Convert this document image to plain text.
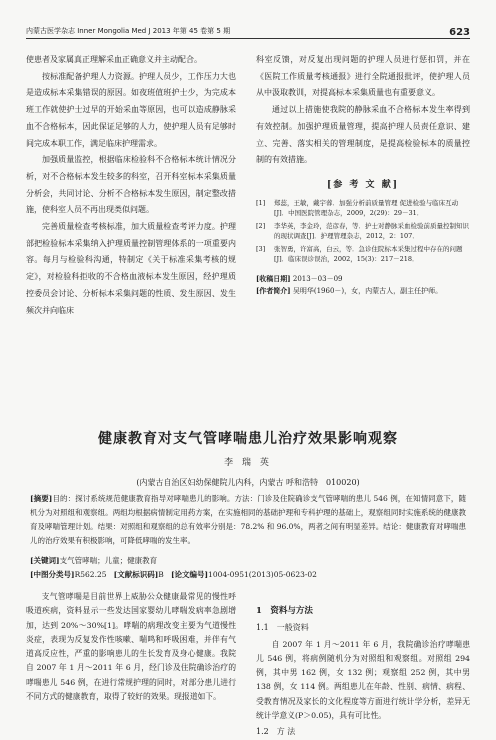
内蒙古医学杂志 Inner Mongolia Med J 2013 年第 45 卷第 5 期	623

使患者及家属真正理解采血正确意义并主动配合。

按标准配备护理人力资源。护理人员少，工作压力大也是造成标本采集错误的原因。如夜班值班护士少，为完成本班工作就使护士过早的开始采血等原因，也可以造成静脉采血不合格标本，因此保证足够的人力，使护理人员有足够时间完成本职工作，满足临床护理需求。

加强质量监控，根据临床检验科不合格标本统计情况分析，对不合格标本发生较多的科室，召开科室标本采集质量分析会，共同讨论、分析不合格标本发生原因，制定整改措施，使科室人员不再出现类似问题。

完善质量检查考核标准，加大质量检查考评力度。护理部把检验标本采集纳入护理质量控制管理体系的一项重要内容。每月与检验科沟通，特制定《关于标准采集考核的规定》，对检验科拒收的不合格血液标本发生原因，经护理质控委员会讨论、分析标本采集问题的性质、发生原因、发生频次并向临床

科室反馈，对反复出现问题的护理人员进行惩扣罚，并在《医院工作质量考核通报》进行全院通报批评，使护理人员从中汲取教训，对提高标本采集质量也有重要意义。

通过以上措施使我院的静脉采血不合格标本发生率得到有效控制。加强护理质量管理，提高护理人员责任意识、建立、完善、落实相关的管理制度，是提高检验标本的质量控制的有效措施。

[参 考 文 献]
[1]	郑蕊，王敏，戴宇蓉．加强分析前质量管理 促进检验与临床互动[J]．中国医院管理杂志，2009，2(29)：29－31．
[2]	李华英，李金玲，范彦春，等．护士对静脉采血检验前质量控制知识的现状调查[J]．护理管理杂志，2012，2：107．
[3]	张智勇，许富高，白云，等．急诊住院标本采集过程中存在的问题[J]．临床误诊误治，2002，15(3)：217－218．
[收稿日期] 2013－03－09
[作者简介] 吴明华(1960－)，女，内蒙古人，副主任护师。
健康教育对支气管哮喘患儿治疗效果影响观察
李 瑞 英
(内蒙古自治区妇幼保健院儿内科，内蒙古 呼和浩特　010020)
[摘要]目的：探讨系统规范健康教育指导对哮喘患儿的影响。方法：门诊及住院确诊支气管哮喘的患儿 546 例，在知情同意下，随机分为对照组和观察组。两组均根据病情制定用药方案，在实施相同的基础护理和专科护理的基础上，观察组同时实施系统的健康教育及哮喘管理计划。结果：对照组和观察组的总有效率分别是：78.2% 和 96.0%，两者之间有明显差异。结论：健康教育对哮喘患儿的治疗效果有积极影响，可降低哮喘的发生率。
[关键词]支气管哮喘；儿童；健康教育
[中图分类号]R562.25 [文献标识码]B [论文编号]1004-0951(2013)05-0623-02

支气管哮喘是目前世界上威胁公众健康最常见的慢性呼吸道疾病，资料显示一些发达国家婴幼儿哮喘发病率急剧增加，达到 20%～30%[1]。哮喘的病理改变主要为气道慢性炎症，表现为反复发作性咳嗽、喘鸣和呼吸困难，并伴有气道高反应性，严重的影响患儿的生长发育及身心健康。我院自 2007 年 1 月～2011 年 6 月，经门诊及住院确诊治疗的哮喘患儿 546 例，在进行常规护理的同时，对部分患儿进行不同方式的健康教育，取得了较好的效果。现报道如下。

1　资料与方法
1.1　一般资料

自 2007 年 1 月～2011 年 6 月，我院确诊治疗哮喘患儿 546 例，将病例随机分为对照组和观察组。对照组 294 例，其中男 162 例，女 132 例；观察组 252 例，其中男 138 例，女 114 例。两组患儿在年龄、性别、病情、病程、受教育情况及家长的文化程度等方面进行统计学分析，差异无统计学意义(P＞0.05)，具有可比性。

1.2　方 法
